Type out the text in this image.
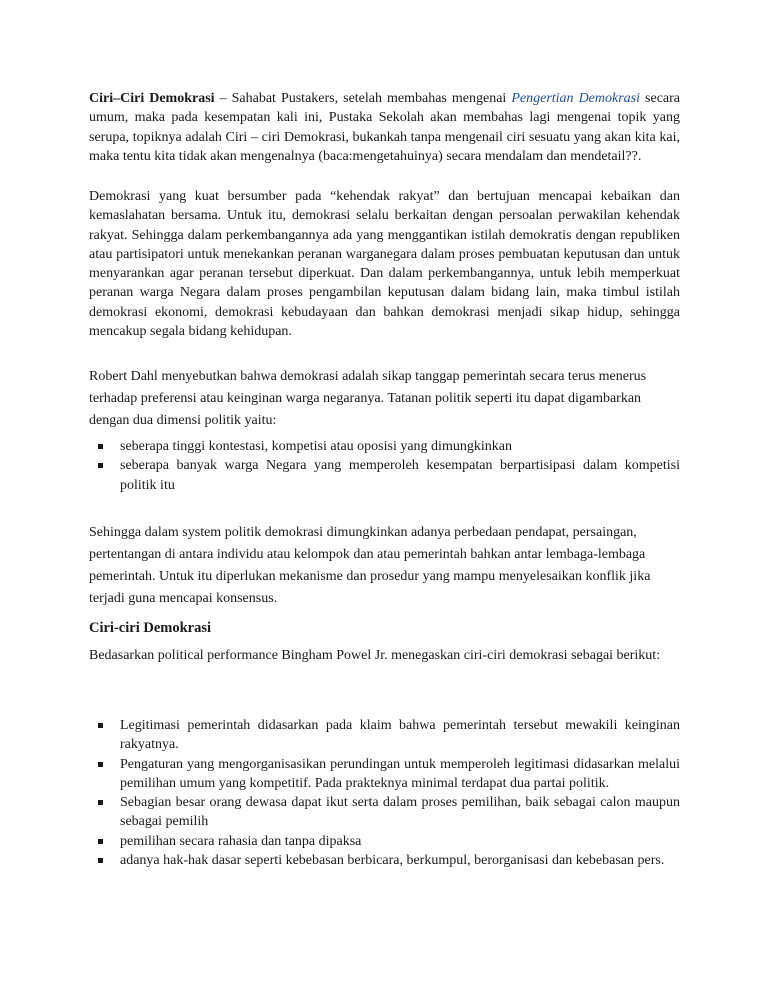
Ciri–Ciri Demokrasi – Sahabat Pustakers, setelah membahas mengenai Pengertian Demokrasi secara umum, maka pada kesempatan kali ini, Pustaka Sekolah akan membahas lagi mengenai topik yang serupa, topiknya adalah Ciri – ciri Demokrasi, bukankah tanpa mengenail ciri sesuatu yang akan kita kai, maka tentu kita tidak akan mengenalnya (baca:mengetahuinya) secara mendalam dan mendetail??.

Demokrasi yang kuat bersumber pada “kehendak rakyat” dan bertujuan mencapai kebaikan dan kemaslahatan bersama. Untuk itu, demokrasi selalu berkaitan dengan persoalan perwakilan kehendak rakyat. Sehingga dalam perkembangannya ada yang menggantikan istilah demokratis dengan republiken atau partisipatori untuk menekankan peranan warganegara dalam proses pembuatan keputusan dan untuk menyarankan agar peranan tersebut diperkuat. Dan dalam perkembangannya, untuk lebih memperkuat peranan warga Negara dalam proses pengambilan keputusan dalam bidang lain, maka timbul istilah demokrasi ekonomi, demokrasi kebudayaan dan bahkan demokrasi menjadi sikap hidup, sehingga mencakup segala bidang kehidupan.

Robert Dahl menyebutkan bahwa demokrasi adalah sikap tanggap pemerintah secara terus menerus terhadap preferensi atau keinginan warga negaranya. Tatanan politik seperti itu dapat digambarkan dengan dua dimensi politik yaitu:

seberapa tinggi kontestasi, kompetisi atau oposisi yang dimungkinkan
seberapa banyak warga Negara yang memperoleh kesempatan berpartisipasi dalam kompetisi politik itu

Sehingga dalam system politik demokrasi dimungkinkan adanya perbedaan pendapat, persaingan, pertentangan di antara individu atau kelompok dan atau pemerintah bahkan antar lembaga-lembaga pemerintah. Untuk itu diperlukan mekanisme dan prosedur yang mampu menyelesaikan konflik jika terjadi guna mencapai konsensus.

Ciri-ciri Demokrasi

Bedasarkan political performance Bingham Powel Jr. menegaskan ciri-ciri demokrasi sebagai berikut:

Legitimasi pemerintah didasarkan pada klaim bahwa pemerintah tersebut mewakili keinginan rakyatnya.
Pengaturan yang mengorganisasikan perundingan untuk memperoleh legitimasi didasarkan melalui pemilihan umum yang kompetitif. Pada prakteknya minimal terdapat dua partai politik.
Sebagian besar orang dewasa dapat ikut serta dalam proses pemilihan, baik sebagai calon maupun sebagai pemilih
pemilihan secara rahasia dan tanpa dipaksa
adanya hak-hak dasar seperti kebebasan berbicara, berkumpul, berorganisasi dan kebebasan pers.
